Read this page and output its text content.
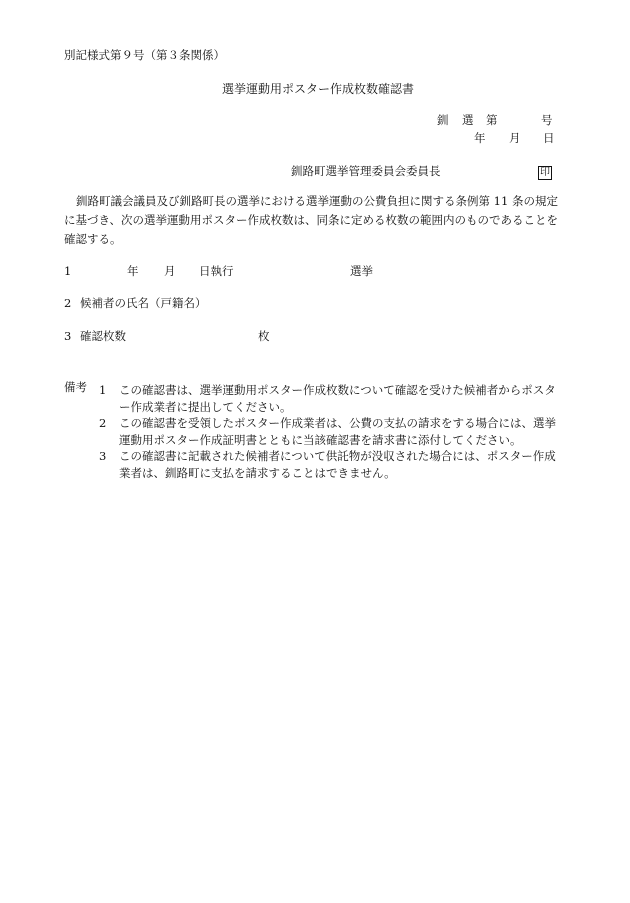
別記様式第９号（第３条関係）
選挙運動用ポスター作成枚数確認書
釧 選 第	号
年 月 日
釧路町選挙管理委員会委員長	印
釧路町議会議員及び釧路町長の選挙における選挙運動の公費負担に関する条例第 11 条の規定
に基づき、次の選挙運動用ポスター作成枚数は、同条に定める枚数の範囲内のものであることを
確認する。
1	年 月 日執行	選挙
2 候補者の氏名（戸籍名）
3 確認枚数	枚
備考 1 この確認書は、選挙運動用ポスター作成枚数について確認を受けた候補者からポスタ
ー作成業者に提出してください。
2 この確認書を受領したポスター作成業者は、公費の支払の請求をする場合には、選挙
運動用ポスター作成証明書とともに当該確認書を請求書に添付してください。
3 この確認書に記載された候補者について供託物が没収された場合には、ポスター作成
業者は、釧路町に支払を請求することはできません。
